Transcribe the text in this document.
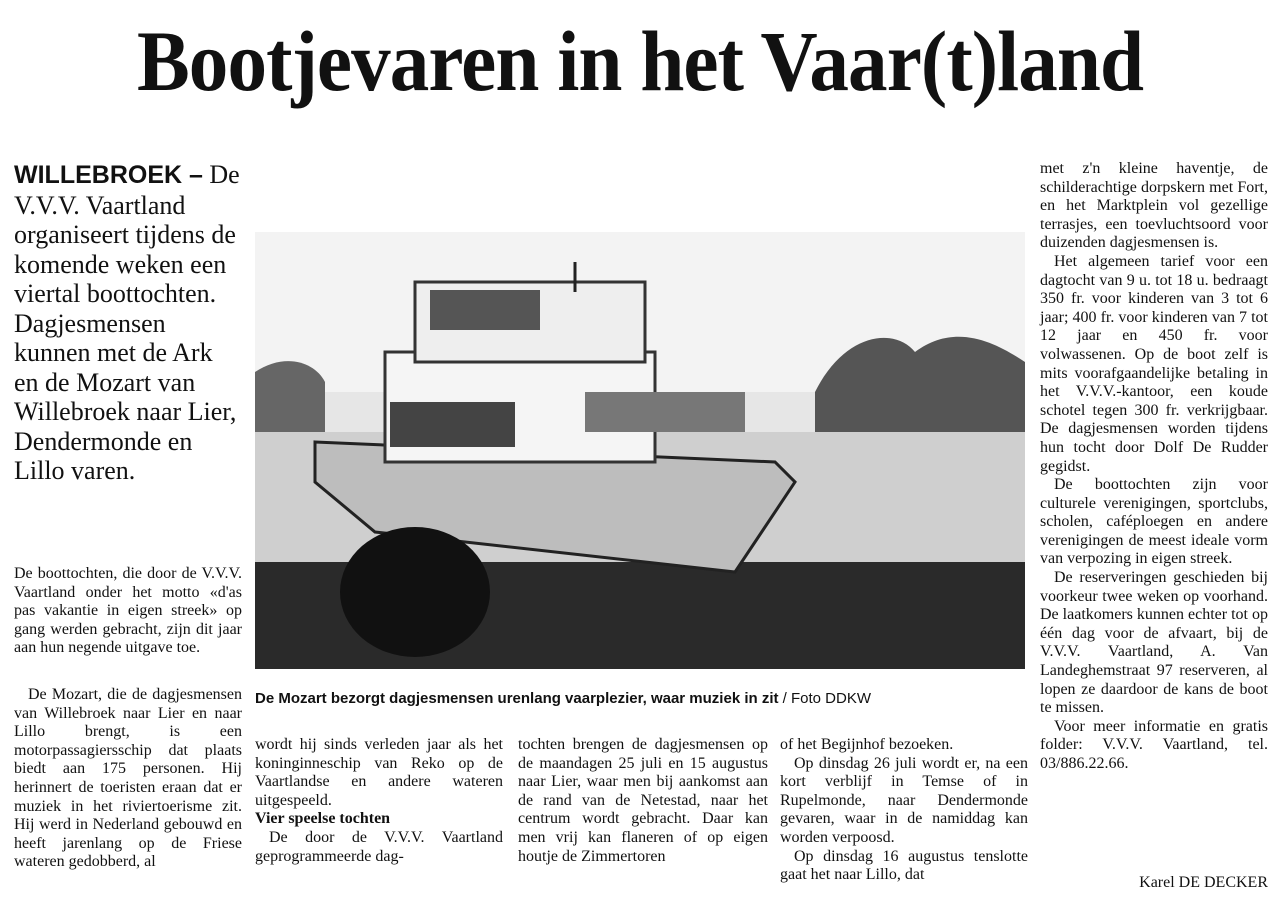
Bootjevaren in het Vaar(t)land
WILLEBROEK – De V.V.V. Vaartland organiseert tijdens de komende weken een viertal boottochten. Dagjesmensen kunnen met de Ark en de Mozart van Willebroek naar Lier, Dendermonde en Lillo varen.
De Mozart bezorgt dagjesmensen urenlang vaarplezier, waar muziek in zit / Foto DDKW

De boottochten, die door de V.V.V. Vaartland onder het motto «d'as pas vakantie in eigen streek» op gang werden gebracht, zijn dit jaar aan hun negende uitgave toe.

De Mozart, die de dagjesmensen van Willebroek naar Lier en naar Lillo brengt, is een motorpassagiersschip dat plaats biedt aan 175 personen. Hij herinnert de toeristen eraan dat er muziek in het riviertoerisme zit. Hij werd in Nederland gebouwd en heeft jarenlang op de Friese wateren gedobberd, al

wordt hij sinds verleden jaar als het koninginneschip van Reko op de Vaartlandse en andere wateren uitgespeeld.

Vier speelse tochten

De door de V.V.V. Vaartland geprogrammeerde dag-

tochten brengen de dagjesmensen op de maandagen 25 juli en 15 augustus naar Lier, waar men bij aankomst aan de rand van de Netestad, naar het centrum wordt gebracht. Daar kan men vrij kan flaneren of op eigen houtje de Zimmertoren

of het Begijnhof bezoeken.

Op dinsdag 26 juli wordt er, na een kort verblijf in Temse of in Rupelmonde, naar Dendermonde gevaren, waar in de namiddag kan worden verpoosd.

Op dinsdag 16 augustus tenslotte gaat het naar Lillo, dat

met z'n kleine haventje, de schilderachtige dorpskern met Fort, en het Marktplein vol gezellige terrasjes, een toevluchtsoord voor duizenden dagjesmensen is.

Het algemeen tarief voor een dagtocht van 9 u. tot 18 u. bedraagt 350 fr. voor kinderen van 3 tot 6 jaar; 400 fr. voor kinderen van 7 tot 12 jaar en 450 fr. voor volwassenen. Op de boot zelf is mits voorafgaandelijke betaling in het V.V.V.-kantoor, een koude schotel tegen 300 fr. verkrijgbaar. De dagjesmensen worden tijdens hun tocht door Dolf De Rudder gegidst.

De boottochten zijn voor culturele verenigingen, sportclubs, scholen, caféploegen en andere verenigingen de meest ideale vorm van verpozing in eigen streek.

De reserveringen geschieden bij voorkeur twee weken op voorhand. De laatkomers kunnen echter tot op één dag voor de afvaart, bij de V.V.V. Vaartland, A. Van Landeghemstraat 97 reserveren, al lopen ze daardoor de kans de boot te missen.

Voor meer informatie en gratis folder: V.V.V. Vaartland, tel. 03/886.22.66.

Karel DE DECKER
